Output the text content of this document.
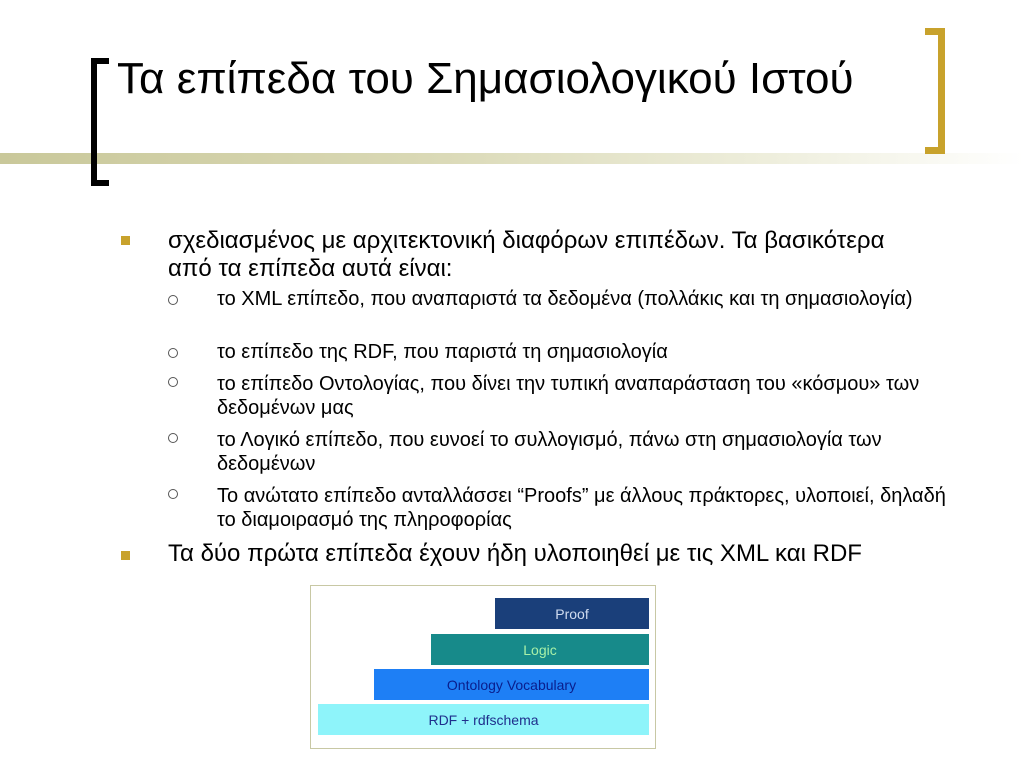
Τα επίπεδα του Σημασιολογικού Ιστού
σχεδιασμένος με αρχιτεκτονική διαφόρων επιπέδων. Τα βασικότερα από τα επίπεδα αυτά είναι:
το XML επίπεδο, που αναπαριστά τα δεδομένα (πολλάκις και τη σημασιολογία)
το επίπεδο της RDF, που παριστά τη σημασιολογία
το επίπεδο Οντολογίας, που δίνει την τυπική αναπαράσταση του «κόσμου» των δεδομένων μας
το Λογικό επίπεδο, που ευνοεί το συλλογισμό, πάνω στη σημασιολογία των δεδομένων
Το ανώτατο επίπεδο ανταλλάσσει “Proofs” με άλλους πράκτορες, υλοποιεί, δηλαδή το διαμοιρασμό της πληροφορίας
Τα δύο πρώτα επίπεδα έχουν ήδη υλοποιηθεί με τις XML και RDF
Proof
Logic
Ontology Vocabulary
RDF + rdfschema
